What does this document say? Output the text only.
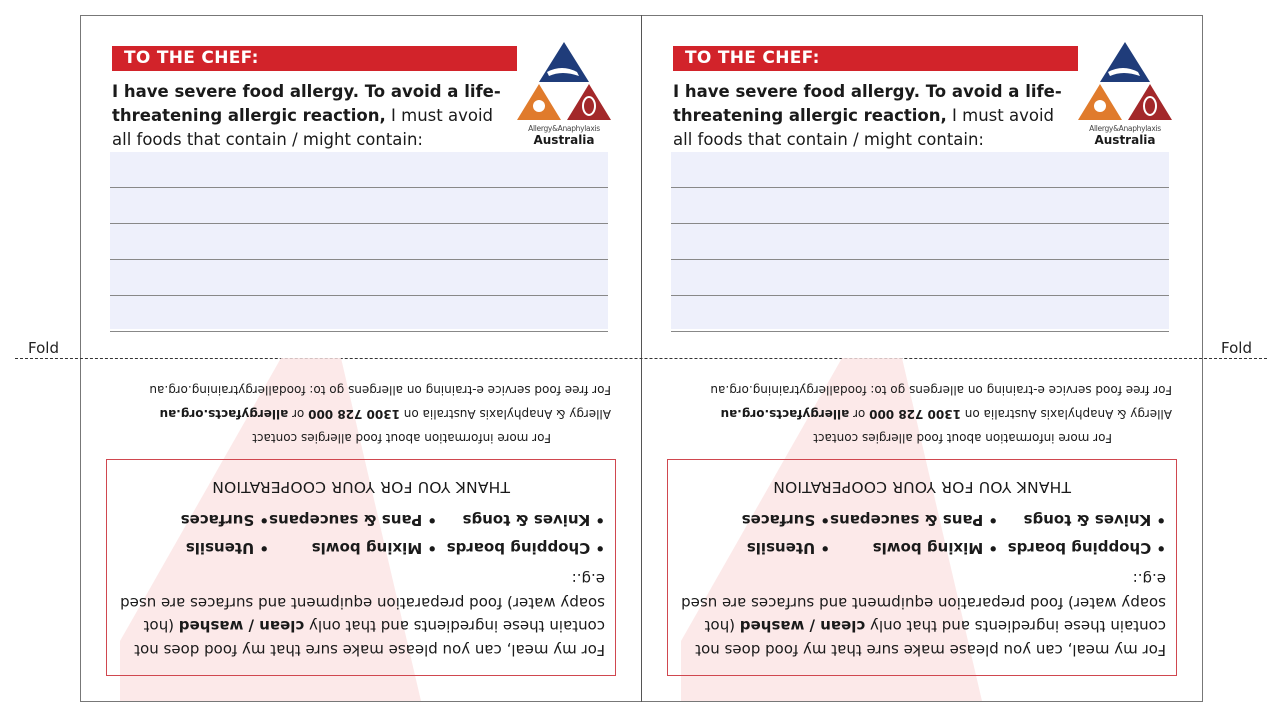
Fold	Fold
TO THE CHEF:
I have severe food allergy. To avoid a life-threatening allergic reaction, I must avoid all foods that contain / might contain:
Allergy&Anaphylaxis
Australia
TO THE CHEF:
I have severe food allergy. To avoid a life-threatening allergic reaction, I must avoid all foods that contain / might contain:
Allergy&Anaphylaxis
Australia
For my meal, can you please make sure that my food does not contain these ingredients and that only clean / washed (hot soapy water) food preparation equipment and surfaces are used e.g.:
• Chopping boards
• Mixing bowls
• Utensils
• Knives & tongs
• Pans & saucepans
• Surfaces
THANK YOU FOR YOUR COOPERATION
For more information about food allergies contact
Allergy & Anaphylaxis Australia on 1300 728 000 or allergyfacts.org.au
For free food service e-training on allergens go to: foodallergytraining.org.au
For my meal, can you please make sure that my food does not contain these ingredients and that only clean / washed (hot soapy water) food preparation equipment and surfaces are used e.g.:
• Chopping boards
• Mixing bowls
• Utensils
• Knives & tongs
• Pans & saucepans
• Surfaces
THANK YOU FOR YOUR COOPERATION
For more information about food allergies contact
Allergy & Anaphylaxis Australia on 1300 728 000 or allergyfacts.org.au
For free food service e-training on allergens go to: foodallergytraining.org.au
